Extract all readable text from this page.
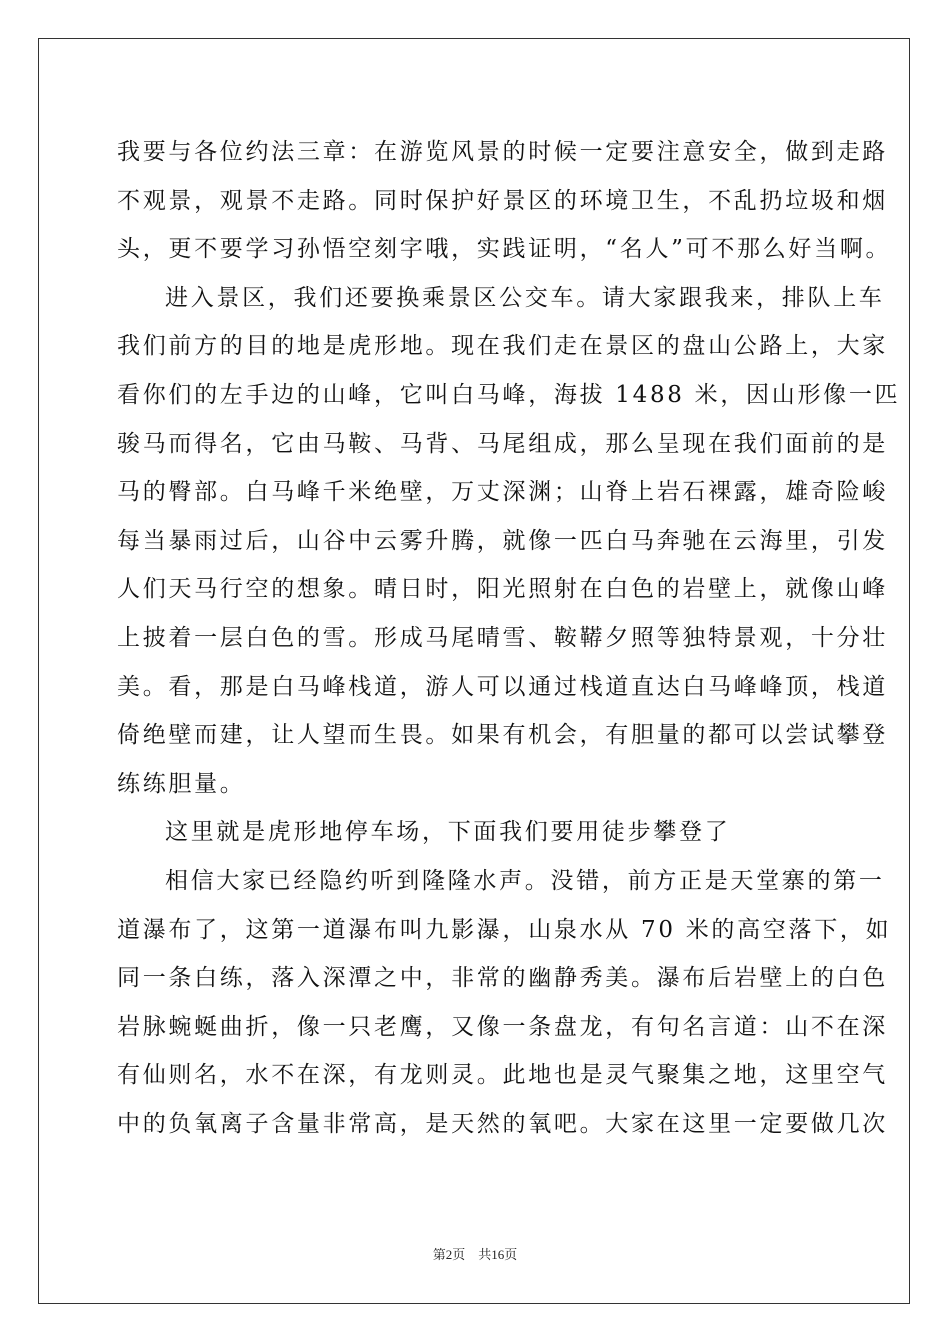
我要与各位约法三章：在游览风景的时候一定要注意安全，做到走路
不观景，观景不走路。同时保护好景区的环境卫生，不乱扔垃圾和烟
头，更不要学习孙悟空刻字哦，实践证明，“名人”可不那么好当啊。
进入景区，我们还要换乘景区公交车。请大家跟我来，排队上车
我们前方的目的地是虎形地。现在我们走在景区的盘山公路上，大家
看你们的左手边的山峰，它叫白马峰，海拔 1488 米，因山形像一匹
骏马而得名，它由马鞍、马背、马尾组成，那么呈现在我们面前的是
马的臀部。白马峰千米绝壁，万丈深渊；山脊上岩石裸露，雄奇险峻
每当暴雨过后，山谷中云雾升腾，就像一匹白马奔驰在云海里，引发
人们天马行空的想象。晴日时，阳光照射在白色的岩壁上，就像山峰
上披着一层白色的雪。形成马尾晴雪、鞍鞯夕照等独特景观，十分壮
美。看，那是白马峰栈道，游人可以通过栈道直达白马峰峰顶，栈道
倚绝壁而建，让人望而生畏。如果有机会，有胆量的都可以尝试攀登
练练胆量。
这里就是虎形地停车场，下面我们要用徒步攀登了
相信大家已经隐约听到隆隆水声。没错，前方正是天堂寨的第一
道瀑布了，这第一道瀑布叫九影瀑，山泉水从 70 米的高空落下，如
同一条白练，落入深潭之中，非常的幽静秀美。瀑布后岩壁上的白色
岩脉蜿蜒曲折，像一只老鹰，又像一条盘龙，有句名言道：山不在深
有仙则名，水不在深，有龙则灵。此地也是灵气聚集之地，这里空气
中的负氧离子含量非常高，是天然的氧吧。大家在这里一定要做几次
第2页　共16页
